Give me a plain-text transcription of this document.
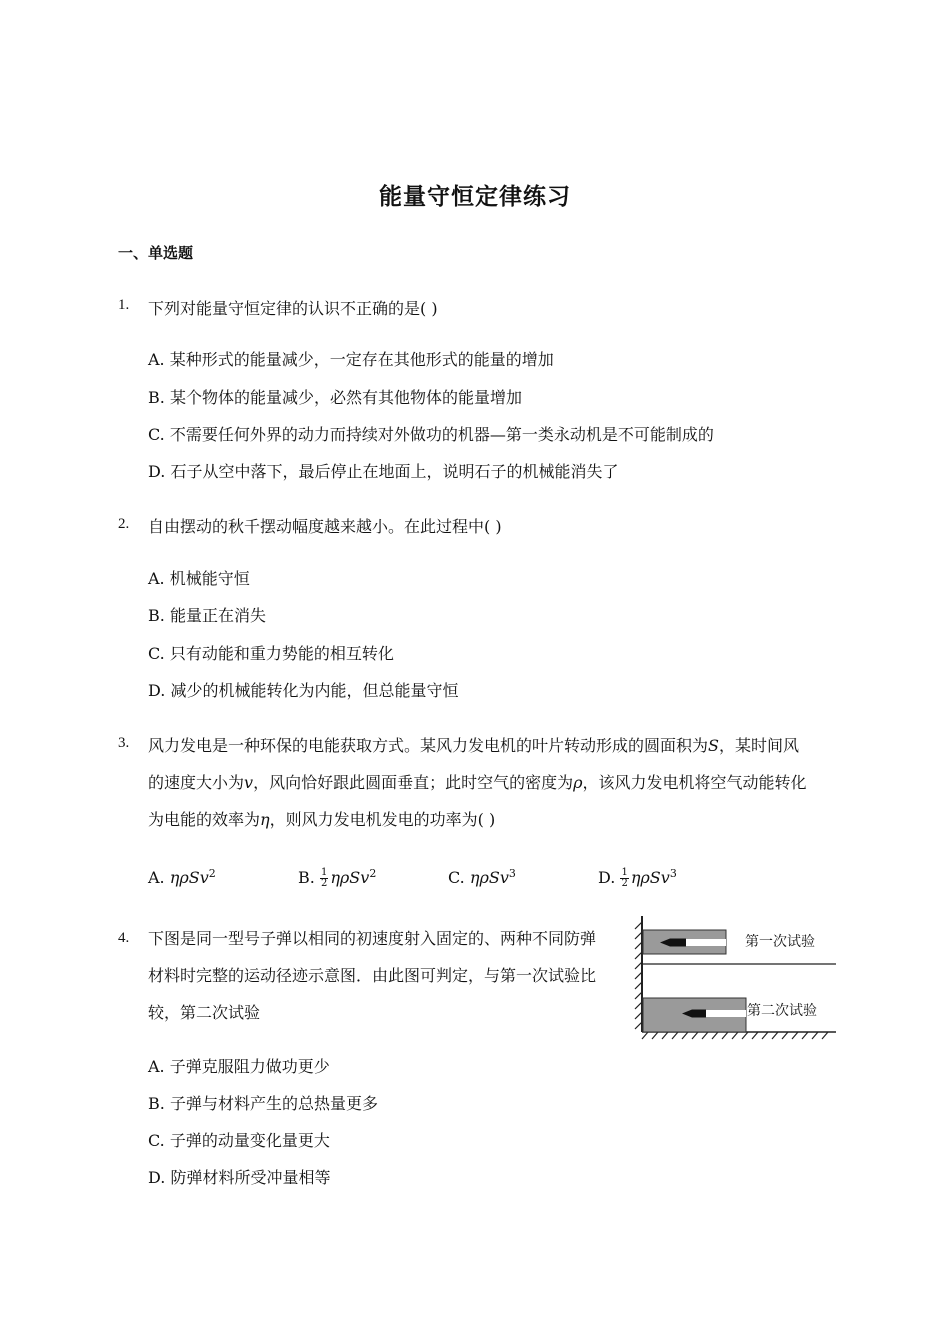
能量守恒定律练习
一、单选题
1. 下列对能量守恒定律的认识不正确的是( )
A. 某种形式的能量减少，一定存在其他形式的能量的增加
B. 某个物体的能量减少，必然有其他物体的能量增加
C. 不需要任何外界的动力而持续对外做功的机器—第一类永动机是不可能制成的
D. 石子从空中落下，最后停止在地面上，说明石子的机械能消失了
2. 自由摆动的秋千摆动幅度越来越小。在此过程中( )
A. 机械能守恒
B. 能量正在消失
C. 只有动能和重力势能的相互转化
D. 减少的机械能转化为内能，但总能量守恒
3. 风力发电是一种环保的电能获取方式。某风力发电机的叶片转动形成的圆面积为S，某时间风
的速度大小为v，风向恰好跟此圆面垂直；此时空气的密度为ρ，该风力发电机将空气动能转化
为电能的效率为η，则风力发电机发电的功率为( )
A. ηρSv$^2$	B. $\frac{1}{2} \eta\rho Sv^2$	C. ηρSv$^3$	D. $\frac{1}{2} \eta\rho Sv^3$
4. 下图是同一型号子弹以相同的初速度射入固定的、两种不同防弹
材料时完整的运动径迹示意图．由此图可判定，与第一次试验比
较，第二次试验
第一次试验
第二次试验
A. 子弹克服阻力做功更少
B. 子弹与材料产生的总热量更多
C. 子弹的动量变化量更大
D. 防弹材料所受冲量相等
